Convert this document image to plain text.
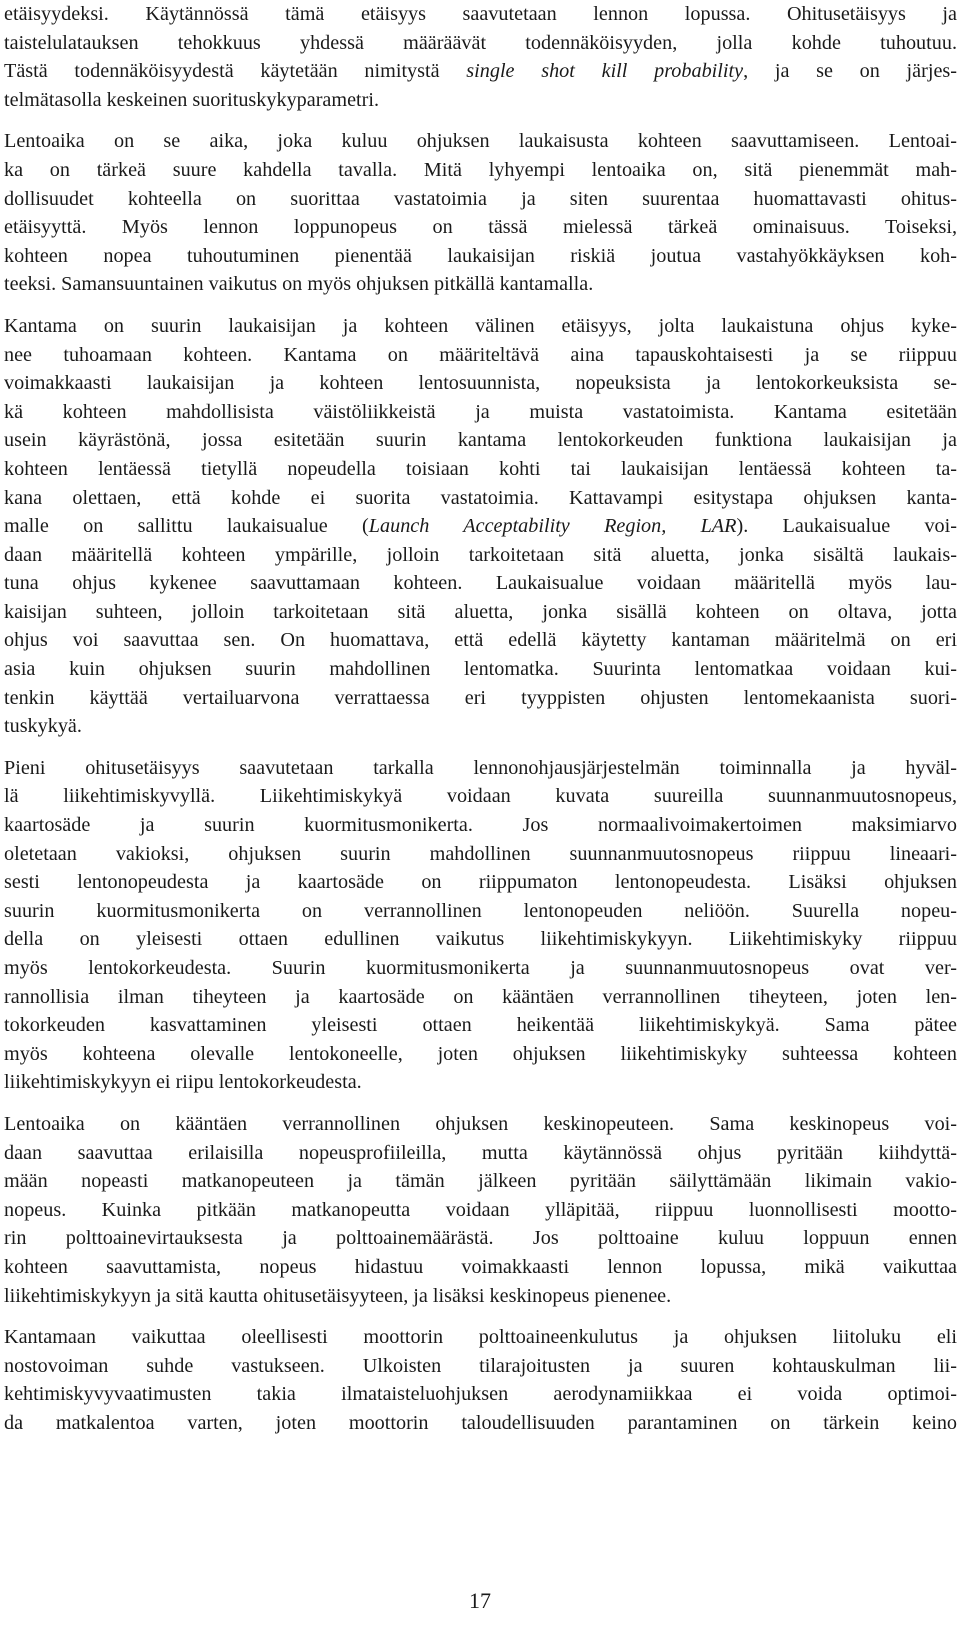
etäisyydeksi. Käytännössä tämä etäisyys saavutetaan lennon lopussa. Ohitusetäisyys ja
taistelulatauksen tehokkuus yhdessä määräävät todennäköisyyden, jolla kohde tuhoutuu.
Tästä todennäköisyydestä käytetään nimitystä single shot kill probability, ja se on järjes-
telmätasolla keskeinen suorituskykyparametri.
Lentoaika on se aika, joka kuluu ohjuksen laukaisusta kohteen saavuttamiseen. Lentoai-
ka on tärkeä suure kahdella tavalla. Mitä lyhyempi lentoaika on, sitä pienemmät mah-
dollisuudet kohteella on suorittaa vastatoimia ja siten suurentaa huomattavasti ohitus-
etäisyyttä. Myös lennon loppunopeus on tässä mielessä tärkeä ominaisuus. Toiseksi,
kohteen nopea tuhoutuminen pienentää laukaisijan riskiä joutua vastahyökkäyksen koh-
teeksi. Samansuuntainen vaikutus on myös ohjuksen pitkällä kantamalla.
Kantama on suurin laukaisijan ja kohteen välinen etäisyys, jolta laukaistuna ohjus kyke-
nee tuhoamaan kohteen. Kantama on määriteltävä aina tapauskohtaisesti ja se riippuu
voimakkaasti laukaisijan ja kohteen lentosuunnista, nopeuksista ja lentokorkeuksista se-
kä kohteen mahdollisista väistöliikkeistä ja muista vastatoimista. Kantama esitetään
usein käyrästönä, jossa esitetään suurin kantama lentokorkeuden funktiona laukaisijan ja
kohteen lentäessä tietyllä nopeudella toisiaan kohti tai laukaisijan lentäessä kohteen ta-
kana olettaen, että kohde ei suorita vastatoimia. Kattavampi esitystapa ohjuksen kanta-
malle on sallittu laukaisualue (Launch Acceptability Region, LAR). Laukaisualue voi-
daan määritellä kohteen ympärille, jolloin tarkoitetaan sitä aluetta, jonka sisältä laukais-
tuna ohjus kykenee saavuttamaan kohteen. Laukaisualue voidaan määritellä myös lau-
kaisijan suhteen, jolloin tarkoitetaan sitä aluetta, jonka sisällä kohteen on oltava, jotta
ohjus voi saavuttaa sen. On huomattava, että edellä käytetty kantaman määritelmä on eri
asia kuin ohjuksen suurin mahdollinen lentomatka. Suurinta lentomatkaa voidaan kui-
tenkin käyttää vertailuarvona verrattaessa eri tyyppisten ohjusten lentomekaanista suori-
tuskykyä.
Pieni ohitusetäisyys saavutetaan tarkalla lennonohjausjärjestelmän toiminnalla ja hyväl-
lä liikehtimiskyvyllä. Liikehtimiskykyä voidaan kuvata suureilla suunnanmuutosnopeus,
kaartosäde ja suurin kuormitusmonikerta. Jos normaalivoimakertoimen maksimiarvo
oletetaan vakioksi, ohjuksen suurin mahdollinen suunnanmuutosnopeus riippuu lineaari-
sesti lentonopeudesta ja kaartosäde on riippumaton lentonopeudesta. Lisäksi ohjuksen
suurin kuormitusmonikerta on verrannollinen lentonopeuden neliöön. Suurella nopeu-
della on yleisesti ottaen edullinen vaikutus liikehtimiskykyyn. Liikehtimiskyky riippuu
myös lentokorkeudesta. Suurin kuormitusmonikerta ja suunnanmuutosnopeus ovat ver-
rannollisia ilman tiheyteen ja kaartosäde on kääntäen verrannollinen tiheyteen, joten len-
tokorkeuden kasvattaminen yleisesti ottaen heikentää liikehtimiskykyä. Sama pätee
myös kohteena olevalle lentokoneelle, joten ohjuksen liikehtimiskyky suhteessa kohteen
liikehtimiskykyyn ei riipu lentokorkeudesta.
Lentoaika on kääntäen verrannollinen ohjuksen keskinopeuteen. Sama keskinopeus voi-
daan saavuttaa erilaisilla nopeusprofiileilla, mutta käytännössä ohjus pyritään kiihdyttä-
mään nopeasti matkanopeuteen ja tämän jälkeen pyritään säilyttämään likimain vakio-
nopeus. Kuinka pitkään matkanopeutta voidaan ylläpitää, riippuu luonnollisesti mootto-
rin polttoainevirtauksesta ja polttoainemäärästä. Jos polttoaine kuluu loppuun ennen
kohteen saavuttamista, nopeus hidastuu voimakkaasti lennon lopussa, mikä vaikuttaa
liikehtimiskykyyn ja sitä kautta ohitusetäisyyteen, ja lisäksi keskinopeus pienenee.
Kantamaan vaikuttaa oleellisesti moottorin polttoaineenkulutus ja ohjuksen liitoluku eli
nostovoiman suhde vastukseen. Ulkoisten tilarajoitusten ja suuren kohtauskulman lii-
kehtimiskyvyvaatimusten takia ilmataisteluohjuksen aerodynamiikkaa ei voida optimoi-
da matkalentoa varten, joten moottorin taloudellisuuden parantaminen on tärkein keino
17
